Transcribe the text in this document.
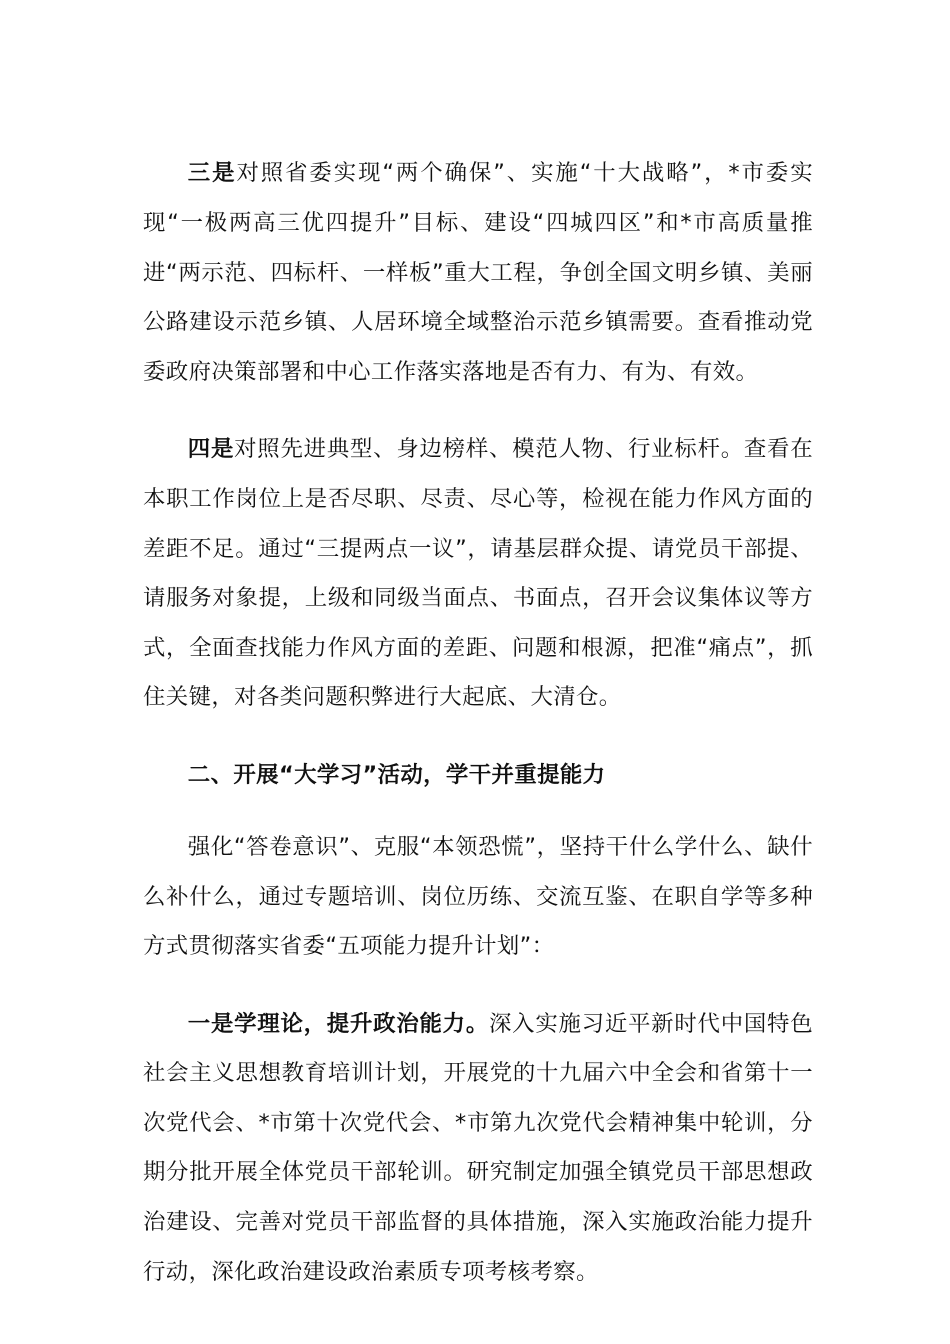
三是对照省委实现“两个确保”、实施“十大战略”，*市委实现“一极两高三优四提升”目标、建设“四城四区”和*市高质量推进“两示范、四标杆、一样板”重大工程，争创全国文明乡镇、美丽公路建设示范乡镇、人居环境全域整治示范乡镇需要。查看推动党委政府决策部署和中心工作落实落地是否有力、有为、有效。

四是对照先进典型、身边榜样、模范人物、行业标杆。查看在本职工作岗位上是否尽职、尽责、尽心等，检视在能力作风方面的差距不足。通过“三提两点一议”，请基层群众提、请党员干部提、请服务对象提，上级和同级当面点、书面点，召开会议集体议等方式，全面查找能力作风方面的差距、问题和根源，把准“痛点”，抓住关键，对各类问题积弊进行大起底、大清仓。

二、开展“大学习”活动，学干并重提能力

强化“答卷意识”、克服“本领恐慌”，坚持干什么学什么、缺什么补什么，通过专题培训、岗位历练、交流互鉴、在职自学等多种方式贯彻落实省委“五项能力提升计划”：

一是学理论，提升政治能力。深入实施习近平新时代中国特色社会主义思想教育培训计划，开展党的十九届六中全会和省第十一次党代会、*市第十次党代会、*市第九次党代会精神集中轮训，分期分批开展全体党员干部轮训。研究制定加强全镇党员干部思想政治建设、完善对党员干部监督的具体措施，深入实施政治能力提升行动，深化政治建设政治素质专项考核考察。
